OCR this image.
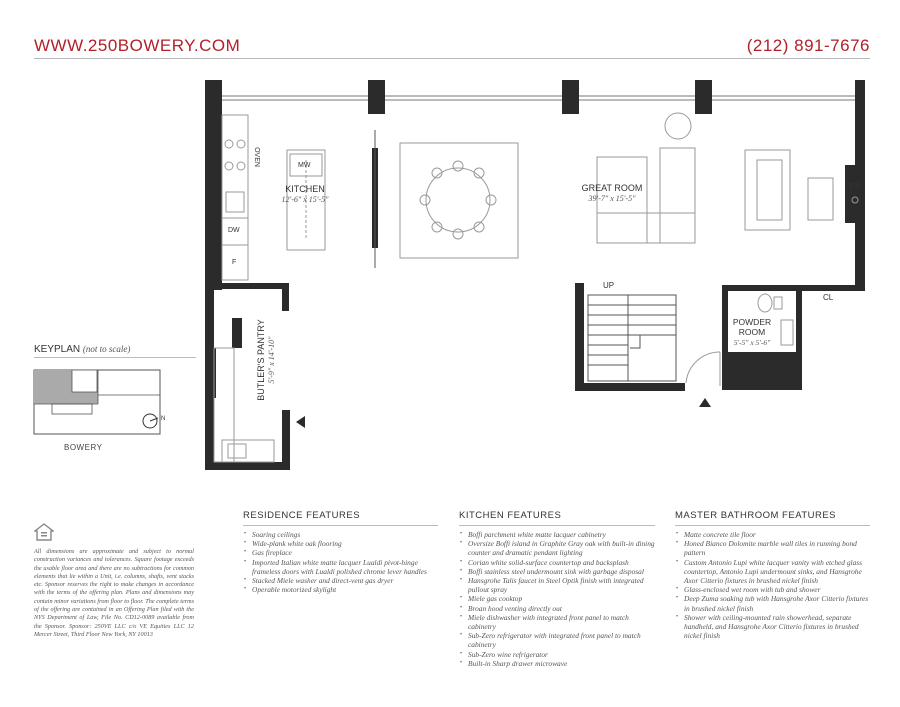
WWW.250BOWERY.COM	(212) 891-7676
KITCHEN
12'-6" x 15'-5"
GREAT ROOM
39'-7" x 15'-5"
BUTLER'S PANTRY 5'-9" x 14'-10"
POWDER
ROOM
5'-5" x 5'-6"
OVEN	MW
DW
F
FP
CL
UP
N
KEYPLAN (not to scale)
BOWERY
All dimensions are approximate and subject to normal construction variances and tolerances. Square footage exceeds the usable floor area and there are no subtractions for common elements that lie within a Unit, i.e. columns, shafts, vent stacks etc. Sponsor reserves the right to make changes in accordance with the terms of the offering plan. Plans and dimensions may contain minor variations from floor to floor. The complete terms of the offering are contained in an Offering Plan filed with the NYS Department of Law, File No. CD12-0089 available from the Sponsor. Sponsor: 250VE LLC c/o VE Equities LLC 12 Mercer Street, Third Floor New York, NY 10013
RESIDENCE FEATURES
• Soaring ceilings
• Wide-plank white oak flooring
• Gas fireplace
• Imported Italian white matte lacquer Lualdi pivot-hinge frameless doors with Lualdi polished chrome lever handles
• Stacked Miele washer and direct-vent gas dryer
• Operable motorized skylight
KITCHEN FEATURES
• Boffi parchment white matte lacquer cabinetry
• Oversize Boffi island in Graphite Gray oak with built-in dining counter and dramatic pendant lighting
• Corian white solid-surface countertop and backsplash
• Boffi stainless steel undermount sink with garbage disposal
• Hansgrohe Talis faucet in Steel Optik finish with integrated pullout spray
• Miele gas cooktop
• Broan hood venting directly out
• Miele dishwasher with integrated front panel to match cabinetry
• Sub-Zero refrigerator with integrated front panel to match cabinetry
• Sub-Zero wine refrigerator
• Built-in Sharp drawer microwave
MASTER BATHROOM FEATURES
• Matte concrete tile floor
• Honed Bianco Dolomite marble wall tiles in running bond pattern
• Custom Antonio Lupi white lacquer vanity with etched glass countertop, Antonio Lupi undermount sinks, and Hansgrohe Axor Citterio fixtures in brushed nickel finish
• Glass-enclosed wet room with tub and shower
• Deep Zuma soaking tub with Hansgrohe Axor Citterio fixtures in brushed nickel finish
• Shower with ceiling-mounted rain showerhead, separate handheld, and Hansgrohe Axor Citterio fixtures in brushed nickel finish
